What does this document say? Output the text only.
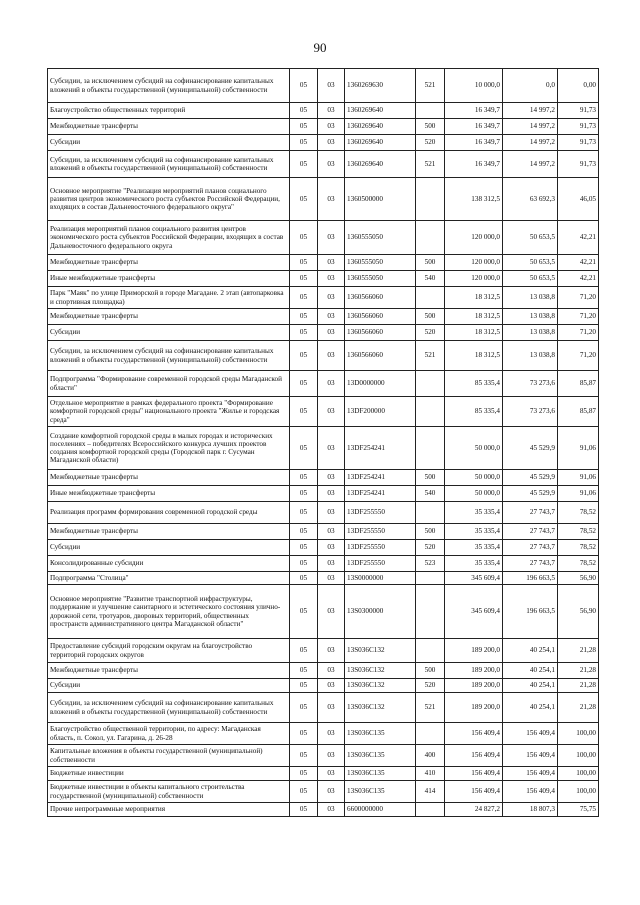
90
Субсидии, за исключением субсидий на софинансирование капитальных вложений в объекты государственной (муниципальной) собственности	05	03	1360269630	521	10 000,0	0,0	0,00
Благоустройство общественных территорий	05	03	1360269640		16 349,7	14 997,2	91,73
Межбюджетные трансферты	05	03	1360269640	500	16 349,7	14 997,2	91,73
Субсидии	05	03	1360269640	520	16 349,7	14 997,2	91,73
Субсидии, за исключением субсидий на софинансирование капитальных вложений в объекты государственной (муниципальной) собственности	05	03	1360269640	521	16 349,7	14 997,2	91,73
Основное мероприятие "Реализация мероприятий планов социального развития центров экономического роста субъектов Российской Федерации, входящих в состав Дальневосточного федерального округа"	05	03	1360500000		138 312,5	63 692,3	46,05
Реализация мероприятий планов социального развития центров экономического роста субъектов Российской Федерации, входящих в состав Дальневосточного федерального округа	05	03	1360555050		120 000,0	50 653,5	42,21
Межбюджетные трансферты	05	03	1360555050	500	120 000,0	50 653,5	42,21
Иные межбюджетные трансферты	05	03	1360555050	540	120 000,0	50 653,5	42,21
Парк "Маяк" по улице Приморской в городе Магадане. 2 этап (автопарковка и спортивная площадка)	05	03	1360566060		18 312,5	13 038,8	71,20
Межбюджетные трансферты	05	03	1360566060	500	18 312,5	13 038,8	71,20
Субсидии	05	03	1360566060	520	18 312,5	13 038,8	71,20
Субсидии, за исключением субсидий на софинансирование капитальных вложений в объекты государственной (муниципальной) собственности	05	03	1360566060	521	18 312,5	13 038,8	71,20
Подпрограмма "Формирование современной городской среды Магаданской области"	05	03	13D0000000		85 335,4	73 273,6	85,87
Отдельное мероприятие в рамках федерального проекта "Формирование комфортной городской среды" национального проекта "Жилье и городская среда"	05	03	13DF200000		85 335,4	73 273,6	85,87
Создание комфортной городской среды в малых городах и исторических поселениях – победителях Всероссийского конкурса лучших проектов создания комфортной городской среды (Городской парк г. Сусуман Магаданской области)	05	03	13DF254241		50 000,0	45 529,9	91,06
Межбюджетные трансферты	05	03	13DF254241	500	50 000,0	45 529,9	91,06
Иные межбюджетные трансферты	05	03	13DF254241	540	50 000,0	45 529,9	91,06
Реализация программ формирования современной городской среды	05	03	13DF255550		35 335,4	27 743,7	78,52
Межбюджетные трансферты	05	03	13DF255550	500	35 335,4	27 743,7	78,52
Субсидии	05	03	13DF255550	520	35 335,4	27 743,7	78,52
Консолидированные субсидии	05	03	13DF255550	523	35 335,4	27 743,7	78,52
Подпрограмма "Столица"	05	03	13S0000000		345 609,4	196 663,5	56,90
Основное мероприятие "Развитие транспортной инфраструктуры, поддержание и улучшение санитарного и эстетического состояния улично-дорожной сети, тротуаров, дворовых территорий, общественных пространств административного центра Магаданской области"	05	03	13S0300000		345 609,4	196 663,5	56,90
Предоставление субсидий городским округам на благоустройство территорий городских округов	05	03	13S036C132		189 200,0	40 254,1	21,28
Межбюджетные трансферты	05	03	13S036C132	500	189 200,0	40 254,1	21,28
Субсидии	05	03	13S036C132	520	189 200,0	40 254,1	21,28
Субсидии, за исключением субсидий на софинансирование капитальных вложений в объекты государственной (муниципальной) собственности	05	03	13S036C132	521	189 200,0	40 254,1	21,28
Благоустройство общественной территории, по адресу: Магаданская область, п. Сокол, ул. Гагарина, д. 26-28	05	03	13S036C135		156 409,4	156 409,4	100,00
Капитальные вложения в объекты государственной (муниципальной) собственности	05	03	13S036C135	400	156 409,4	156 409,4	100,00
Бюджетные инвестиции	05	03	13S036C135	410	156 409,4	156 409,4	100,00
Бюджетные инвестиции в объекты капитального строительства государственной (муниципальной) собственности	05	03	13S036C135	414	156 409,4	156 409,4	100,00
Прочие непрограммные мероприятия	05	03	6600000000		24 827,2	18 807,3	75,75
